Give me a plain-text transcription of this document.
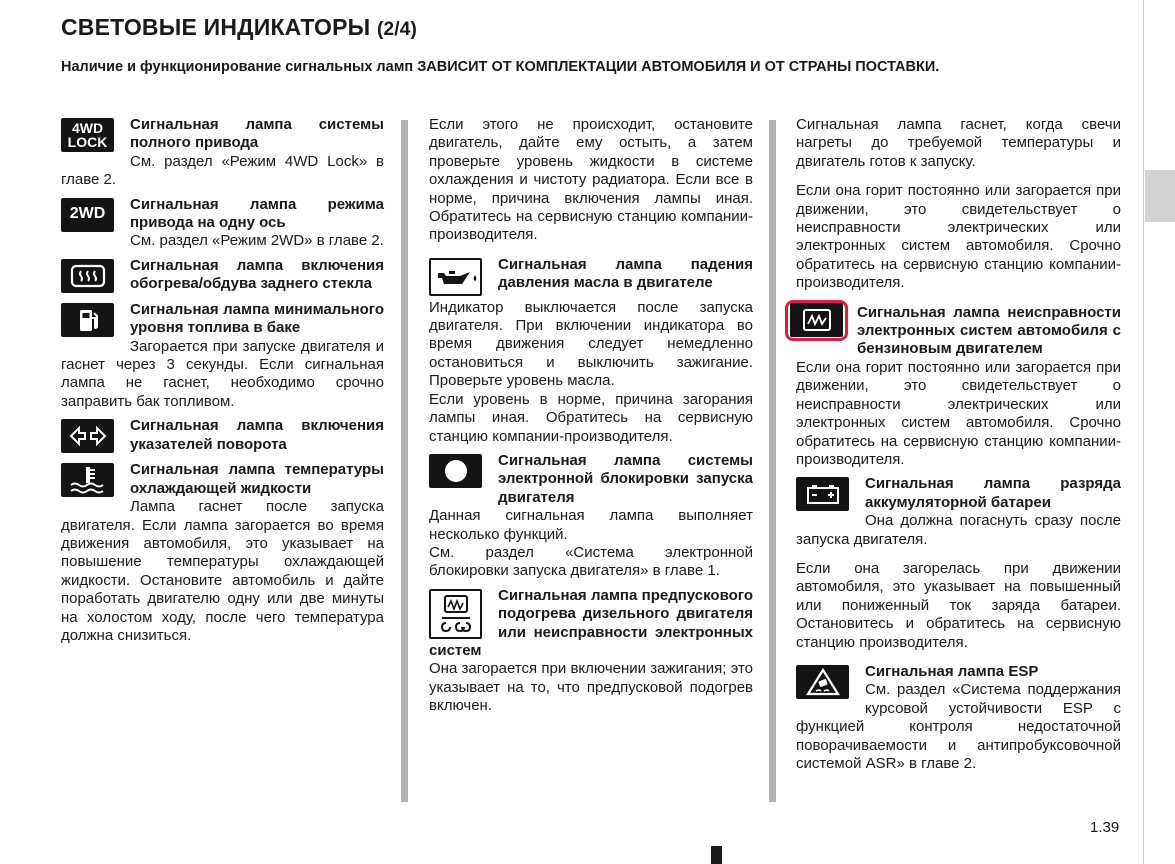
СВЕТОВЫЕ ИНДИКАТОРЫ (2/4)
Наличие и функционирование сигнальных ламп ЗАВИСИТ ОТ КОМПЛЕКТАЦИИ АВТОМОБИЛЯ И ОТ СТРАНЫ ПОСТАВКИ.
1.39
4WD
LOCK
Сигнальная лампа системы полного привода

См. раздел «Режим 4WD Lock» в главе 2.

2WD
Сигнальная лампа режима привода на одну ось

См. раздел «Режим 2WD» в главе 2.

Сигнальная лампа включения обогрева/обдува заднего стекла
Сигнальная лампа минимального уровня топлива в баке

Загорается при запуске двигателя и гаснет через 3 секунды. Если сигнальная лампа не гаснет, необходимо срочно заправить бак топливом.

Сигнальная лампа включения указателей поворота
Сигнальная лампа температуры охлаждающей жидкости

Лампа гаснет после запуска двигателя. Если лампа загорается во время движения автомобиля, это указывает на повышение температуры охлаждающей жидкости. Остановите автомобиль и дайте поработать двигателю одну или две минуты на холостом ходу, после чего температура должна снизиться.

Если этого не происходит, остановите двигатель, дайте ему остыть, а затем проверьте уровень жидкости в системе охлаждения и чистоту радиатора. Если все в норме, причина включения лампы иная. Обратитесь на сервисную станцию компании-производителя.

Сигнальная лампа падения давления масла в двигателе

Индикатор выключается после запуска двигателя. При включении индикатора во время движения следует немедленно остановиться и выключить зажигание. Проверьте уровень масла.

Если уровень в норме, причина загорания лампы иная. Обратитесь на сервисную станцию компании-производителя.

Сигнальная лампа системы электронной блокировки запуска двигателя

Данная сигнальная лампа выполняет несколько функций.

См. раздел «Система электронной блокировки запуска двигателя» в главе 1.

Сигнальная лампа предпускового подогрева дизельного двигателя или неисправности электронных систем

Она загорается при включении зажигания; это указывает на то, что предпусковой подогрев включен.

Сигнальная лампа гаснет, когда свечи нагреты до требуемой температуры и двигатель готов к запуску.

Если она горит постоянно или загорается при движении, это свидетельствует о неисправности электрических или электронных систем автомобиля. Срочно обратитесь на сервисную станцию компании-производителя.

Сигнальная лампа неисправности электронных систем автомобиля с бензиновым двигателем

Если она горит постоянно или загорается при движении, это свидетельствует о неисправности электрических или электронных систем автомобиля. Срочно обратитесь на сервисную станцию компании-производителя.

Сигнальная лампа разряда аккумуляторной батареи

Она должна погаснуть сразу после запуска двигателя.

Если она загорелась при движении автомобиля, это указывает на повышенный или пониженный ток заряда батареи. Остановитесь и обратитесь на сервисную станцию производителя.

Сигнальная лампа ESP

См. раздел «Система поддержания курсовой устойчивости ESP с функцией контроля недостаточной поворачиваемости и антипробуксовочной системой ASR» в главе 2.
